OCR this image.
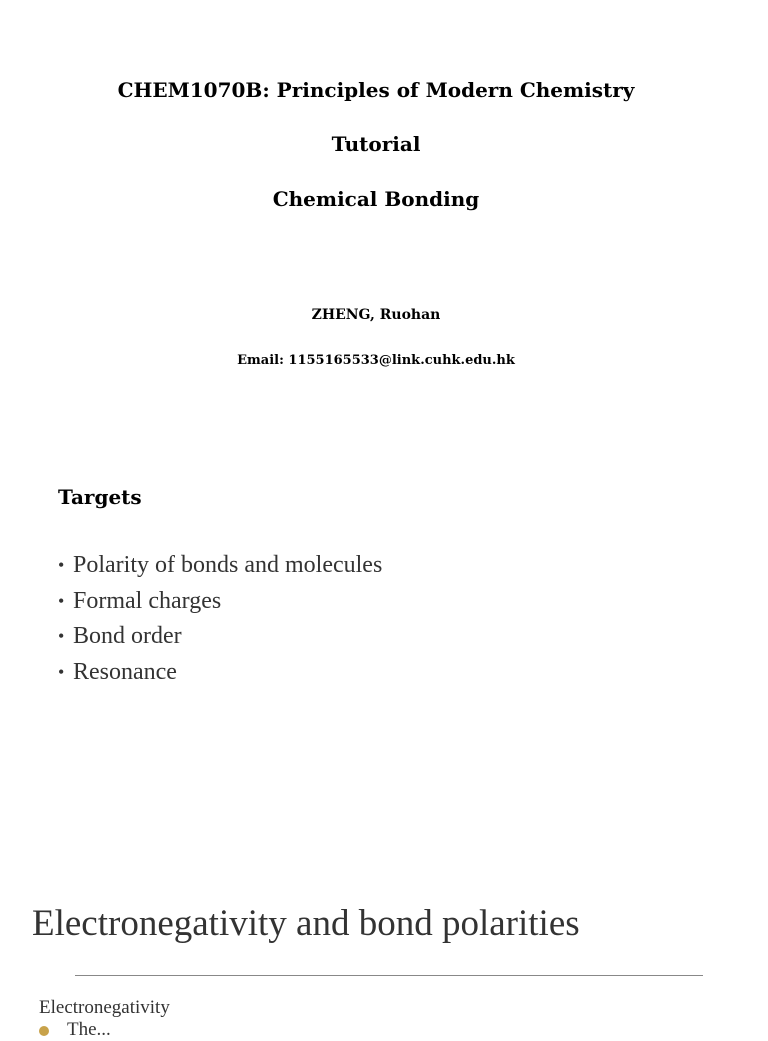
CHEM1070B: Principles of Modern Chemistry
Tutorial
Chemical Bonding
ZHENG, Ruohan
Email: 1155165533@link.cuhk.edu.hk
Targets
• Polarity of bonds and molecules
• Formal charges
• Bond order
• Resonance
Electronegativity and bond polarities
Electronegativity
The...
